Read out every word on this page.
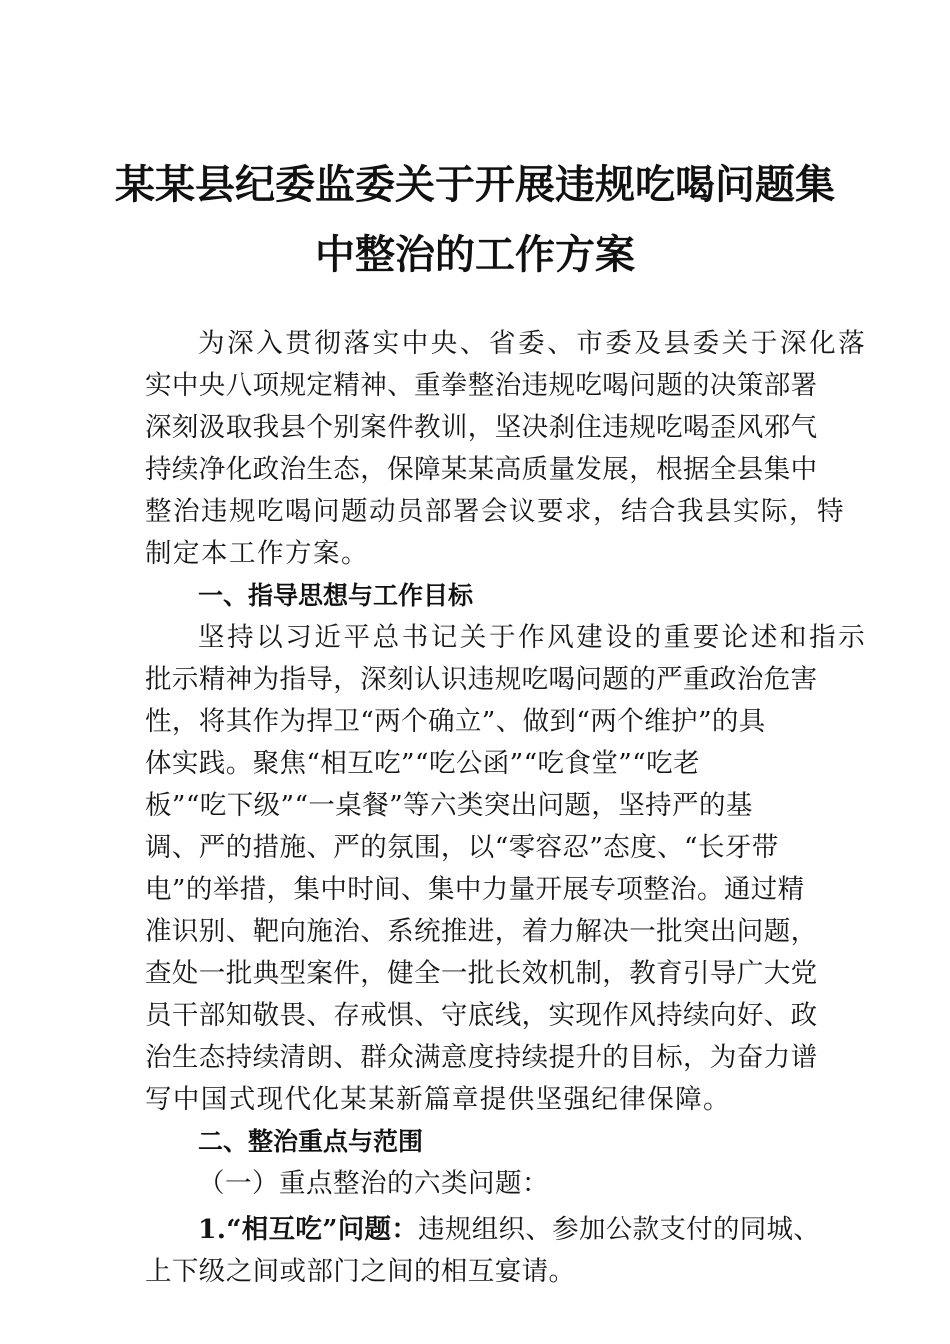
某某县纪委监委关于开展违规吃喝问题集
中整治的工作方案
为深入贯彻落实中央、省委、市委及县委关于深化落
实中央八项规定精神、重拳整治违规吃喝问题的决策部署
深刻汲取我县个别案件教训，坚决刹住违规吃喝歪风邪气
持续净化政治生态，保障某某高质量发展，根据全县集中
整治违规吃喝问题动员部署会议要求，结合我县实际，特
制定本工作方案。
一、指导思想与工作目标
坚持以习近平总书记关于作风建设的重要论述和指示
批示精神为指导，深刻认识违规吃喝问题的严重政治危害
性，将其作为捍卫“两个确立”、做到“两个维护”的具
体实践。聚焦“相互吃”“吃公函”“吃食堂”“吃老
板”“吃下级”“一桌餐”等六类突出问题，坚持严的基
调、严的措施、严的氛围，以“零容忍”态度、“长牙带
电”的举措，集中时间、集中力量开展专项整治。通过精
准识别、靶向施治、系统推进，着力解决一批突出问题，
查处一批典型案件，健全一批长效机制，教育引导广大党
员干部知敬畏、存戒惧、守底线，实现作风持续向好、政
治生态持续清朗、群众满意度持续提升的目标，为奋力谱
写中国式现代化某某新篇章提供坚强纪律保障。
二、整治重点与范围
（一）重点整治的六类问题：
1.“相互吃”问题：违规组织、参加公款支付的同城、
上下级之间或部门之间的相互宴请。
